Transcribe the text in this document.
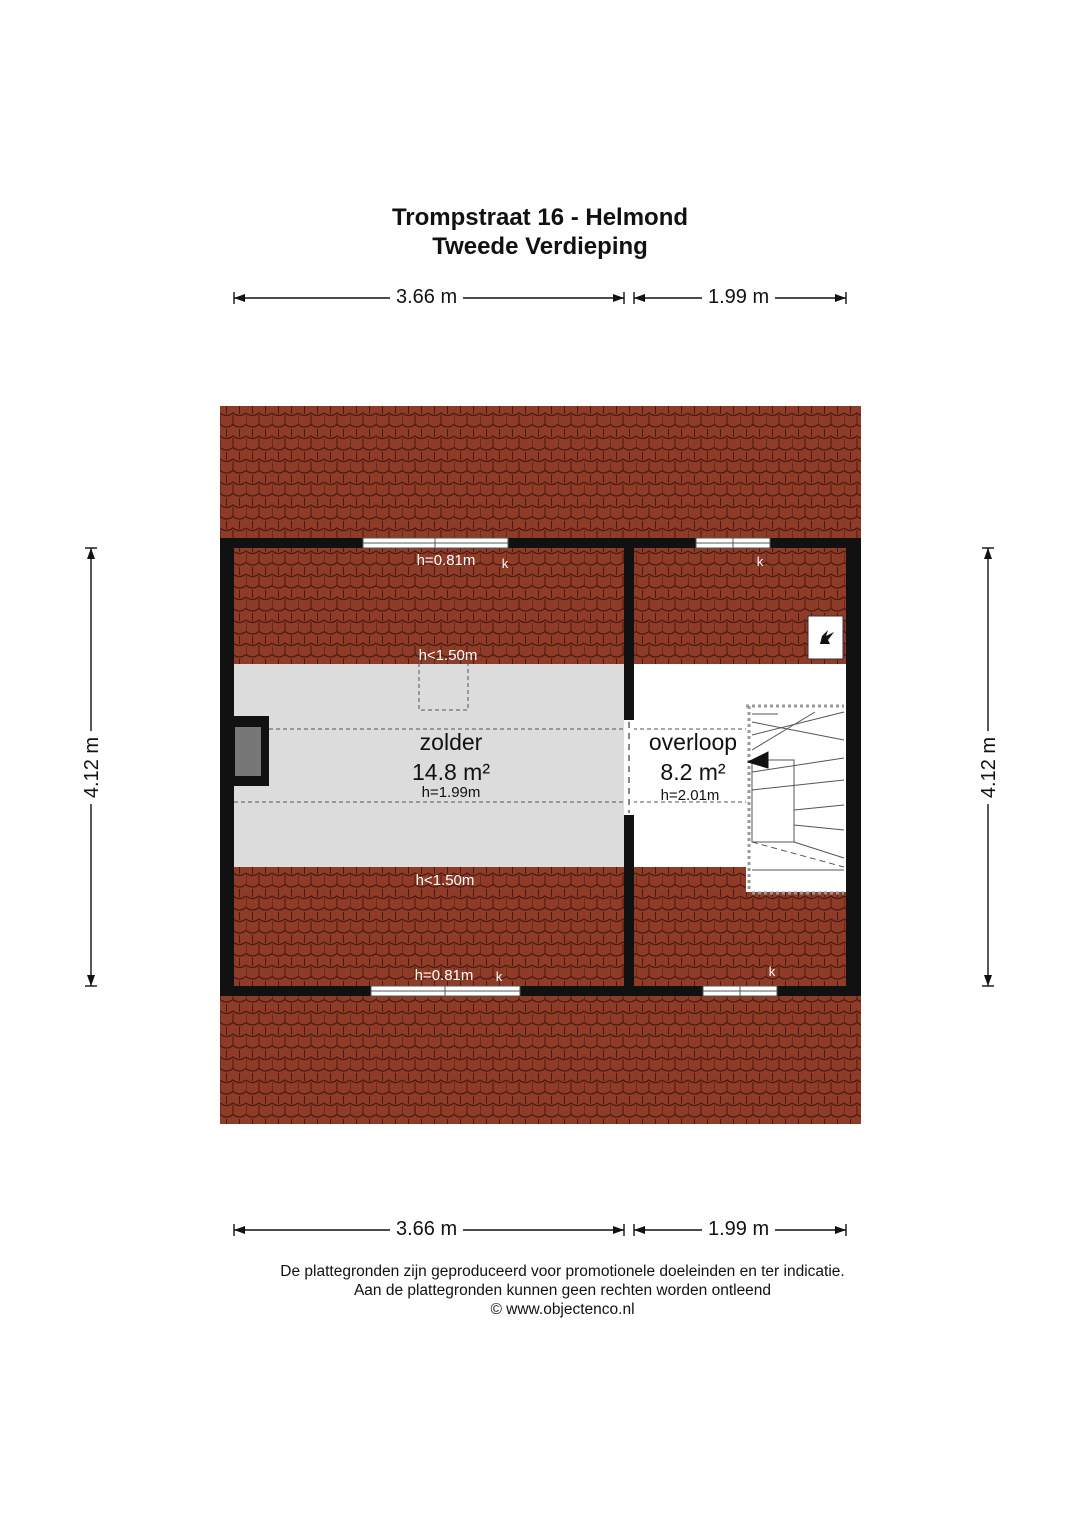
Trompstraat 16 - Helmond
Tweede Verdieping
zolder
14.8 m²
h=1.99m
overloop
8.2 m²
h=2.01m
h=0.81m k	k
h<1.50m
h<1.50m
h=0.81m k	k
3.66 m	1.99 m
3.66 m	1.99 m
4.12 m	4.12 m
De plattegronden zijn geproduceerd voor promotionele doeleinden en ter indicatie.
Aan de plattegronden kunnen geen rechten worden ontleend
© www.objectenco.nl
